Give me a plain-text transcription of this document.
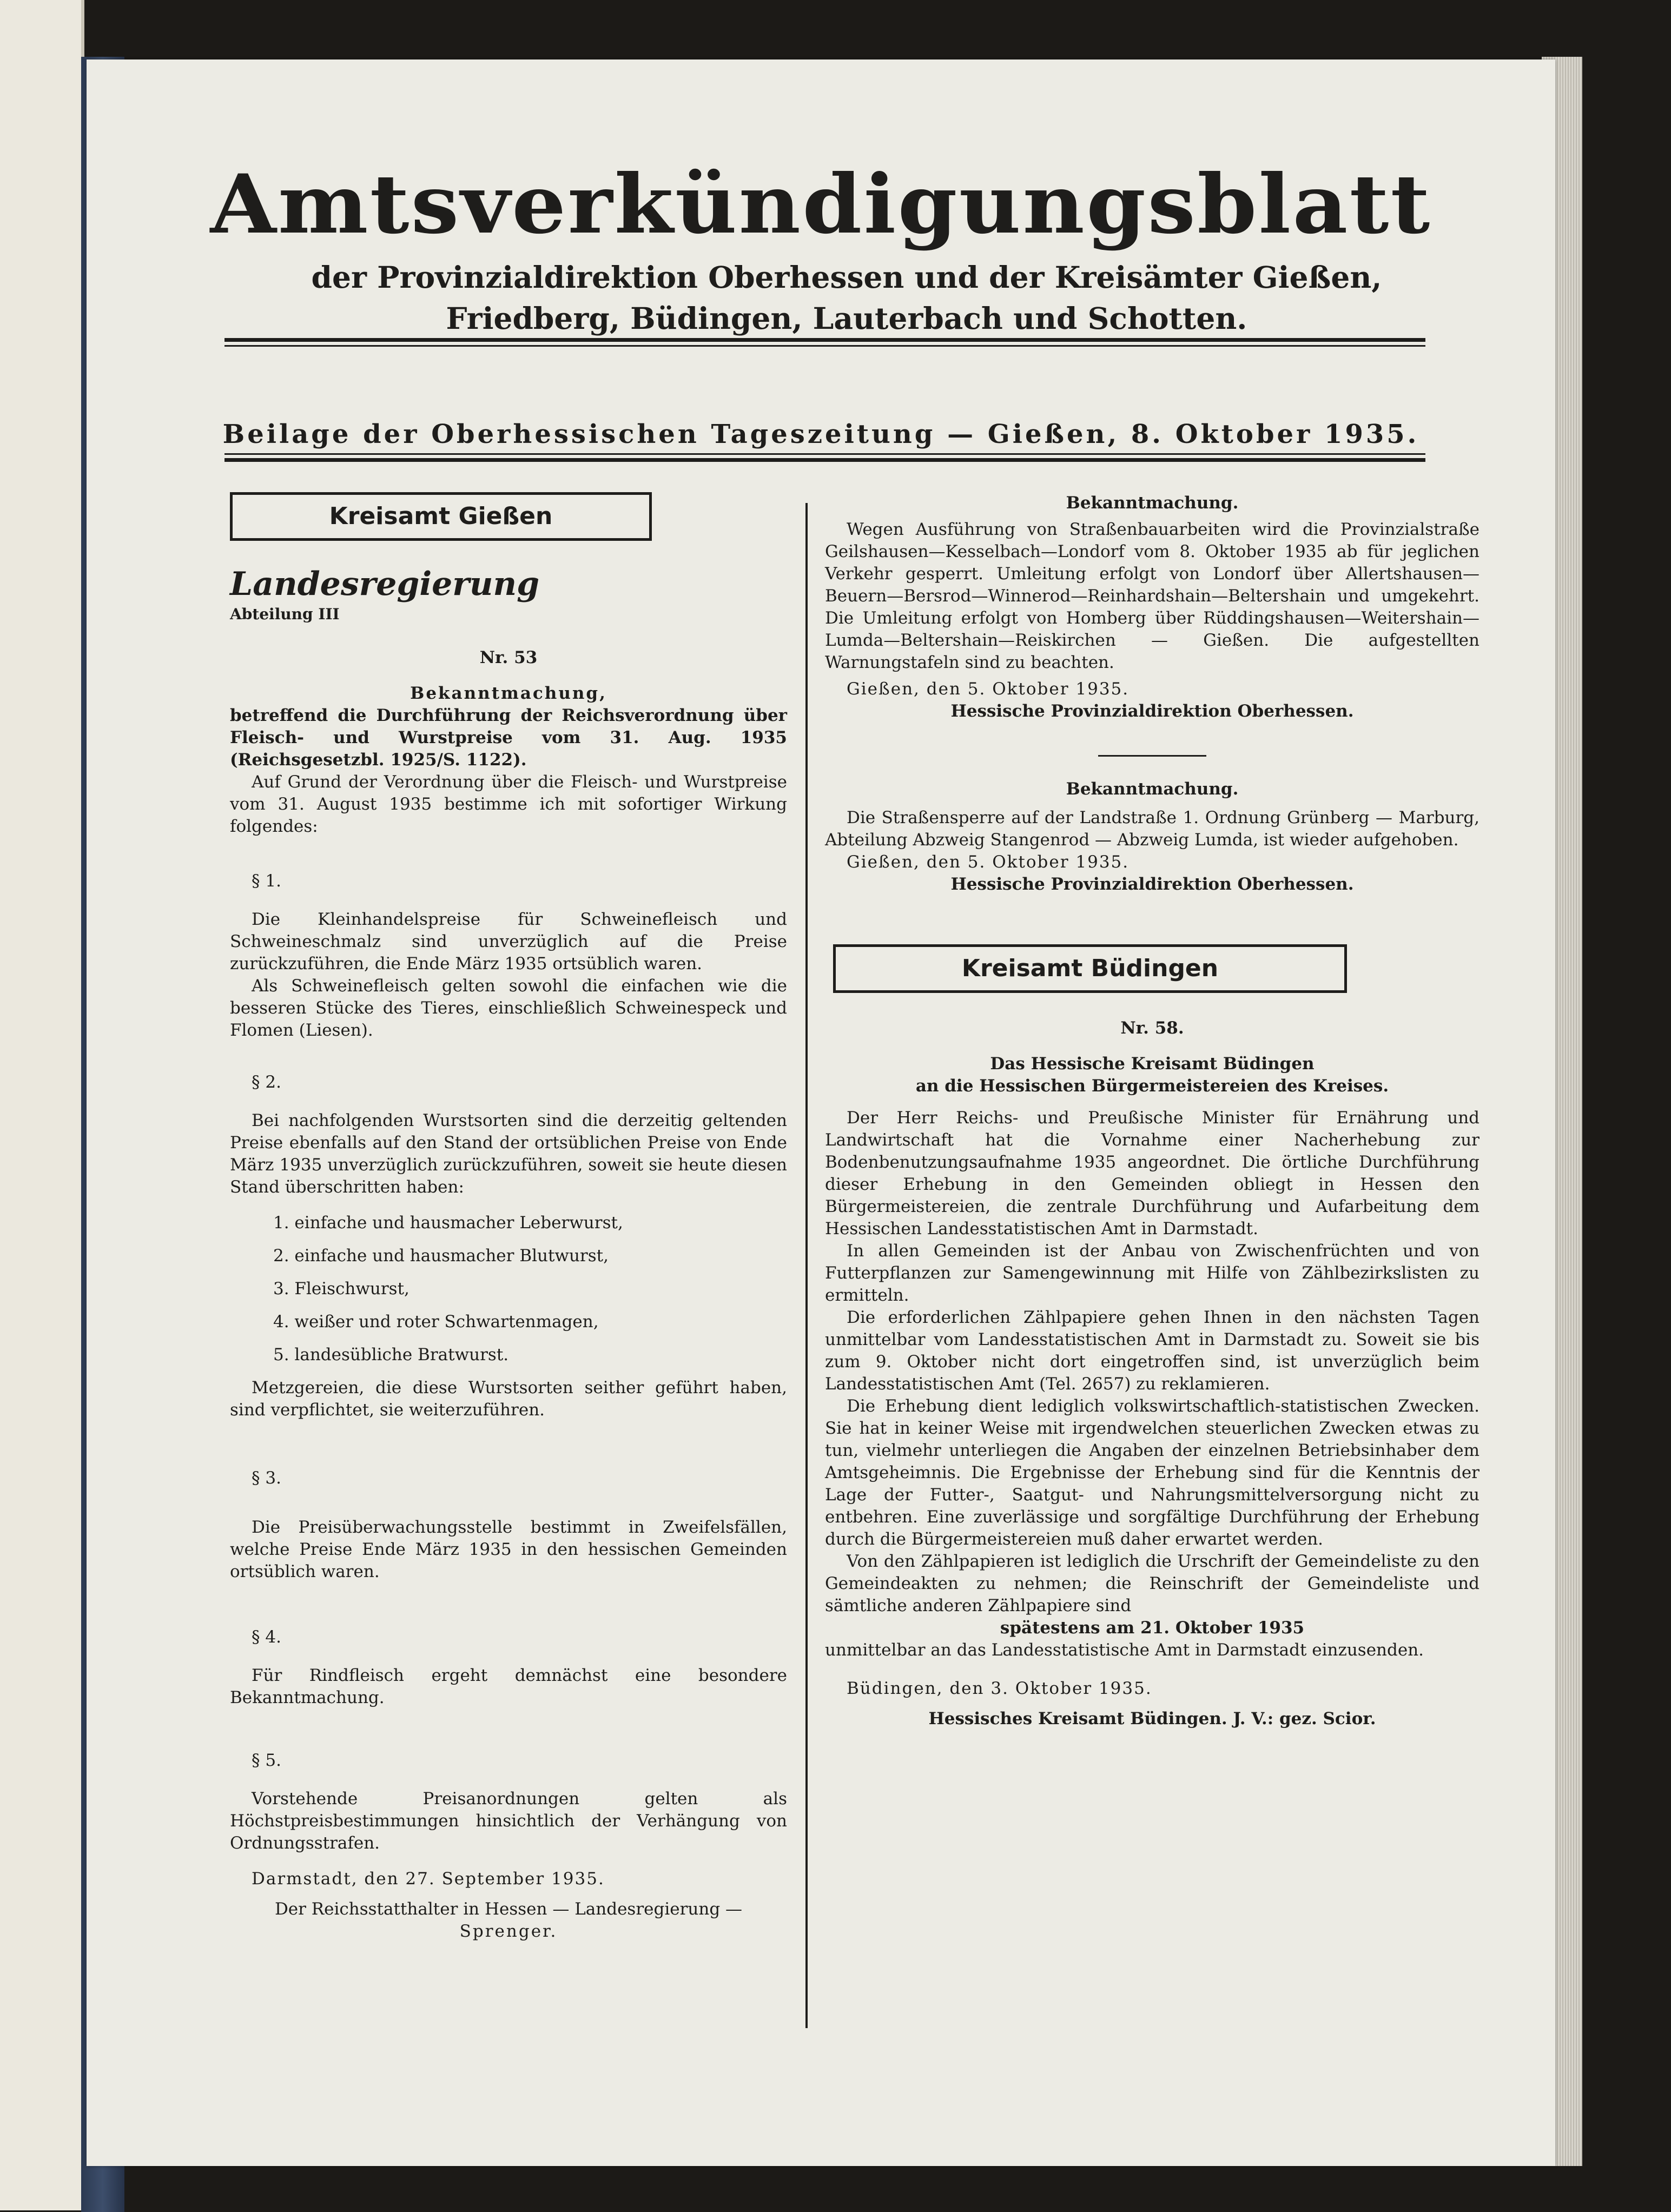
Amtsverkündigungsblatt
der Provinzialdirektion Oberhessen und der Kreisämter Gießen, Friedberg, Büdingen, Lauterbach und Schotten.
Beilage der Oberhessischen Tageszeitung — Gießen, 8. Oktober 1935.
Kreisamt Gießen
Landesregierung
Abteilung III

Nr. 53

Bekanntmachung,

betreffend die Durchführung der Reichsverordnung über Fleisch- und Wurstpreise vom 31. Aug. 1935 (Reichsgesetzbl. 1925/S. 1122).

Auf Grund der Verordnung über die Fleisch- und Wurstpreise vom 31. August 1935 bestimme ich mit sofortiger Wirkung folgendes:

§ 1.

Die Kleinhandelspreise für Schweinefleisch und Schweineschmalz sind unverzüglich auf die Preise zurückzuführen, die Ende März 1935 ortsüblich waren.

Als Schweinefleisch gelten sowohl die einfachen wie die besseren Stücke des Tieres, einschließlich Schweinespeck und Flomen (Liesen).

§ 2.

Bei nachfolgenden Wurstsorten sind die derzeitig geltenden Preise ebenfalls auf den Stand der ortsüblichen Preise von Ende März 1935 unverzüglich zurückzuführen, soweit sie heute diesen Stand überschritten haben:

1. einfache und hausmacher Leberwurst,
2. einfache und hausmacher Blutwurst,
3. Fleischwurst,
4. weißer und roter Schwartenmagen,
5. landesübliche Bratwurst.

Metzgereien, die diese Wurstsorten seither geführt haben, sind verpflichtet, sie weiterzuführen.

§ 3.

Die Preisüberwachungsstelle bestimmt in Zweifelsfällen, welche Preise Ende März 1935 in den hessischen Gemeinden ortsüblich waren.

§ 4.

Für Rindfleisch ergeht demnächst eine besondere Bekanntmachung.

§ 5.

Vorstehende Preisanordnungen gelten als Höchstpreisbestimmungen hinsichtlich der Verhängung von Ordnungsstrafen.

Darmstadt, den 27. September 1935.

Der Reichsstatthalter in Hessen — Landesregierung —

Sprenger.

Bekanntmachung.

Wegen Ausführung von Straßenbauarbeiten wird die Provinzialstraße Geilshausen—Kesselbach—Londorf vom 8. Oktober 1935 ab für jeglichen Verkehr gesperrt. Umleitung erfolgt von Londorf über Allertshausen—Beuern—Bersrod—Winnerod—Reinhardshain—Beltershain und umgekehrt. Die Umleitung erfolgt von Homberg über Rüddingshausen—Weitershain—Lumda—Beltershain—Reiskirchen — Gießen. Die aufgestellten Warnungstafeln sind zu beachten.

Gießen, den 5. Oktober 1935.

Hessische Provinzialdirektion Oberhessen.

Bekanntmachung.

Die Straßensperre auf der Landstraße 1. Ordnung Grünberg — Marburg, Abteilung Abzweig Stangenrod — Abzweig Lumda, ist wieder aufgehoben.

Gießen, den 5. Oktober 1935.

Hessische Provinzialdirektion Oberhessen.

Kreisamt Büdingen

Nr. 58.

Das Hessische Kreisamt Büdingen

an die Hessischen Bürgermeistereien des Kreises.

Der Herr Reichs- und Preußische Minister für Ernährung und Landwirtschaft hat die Vornahme einer Nacherhebung zur Bodenbenutzungsaufnahme 1935 angeordnet. Die örtliche Durchführung dieser Erhebung in den Gemeinden obliegt in Hessen den Bürgermeistereien, die zentrale Durchführung und Aufarbeitung dem Hessischen Landesstatistischen Amt in Darmstadt.

In allen Gemeinden ist der Anbau von Zwischenfrüchten und von Futterpflanzen zur Samengewinnung mit Hilfe von Zählbezirkslisten zu ermitteln.

Die erforderlichen Zählpapiere gehen Ihnen in den nächsten Tagen unmittelbar vom Landesstatistischen Amt in Darmstadt zu. Soweit sie bis zum 9. Oktober nicht dort eingetroffen sind, ist unverzüglich beim Landesstatistischen Amt (Tel. 2657) zu reklamieren.

Die Erhebung dient lediglich volkswirtschaftlich-statistischen Zwecken. Sie hat in keiner Weise mit irgendwelchen steuerlichen Zwecken etwas zu tun, vielmehr unterliegen die Angaben der einzelnen Betriebsinhaber dem Amtsgeheimnis. Die Ergebnisse der Erhebung sind für die Kenntnis der Lage der Futter-, Saatgut- und Nahrungsmittelversorgung nicht zu entbehren. Eine zuverlässige und sorgfältige Durchführung der Erhebung durch die Bürgermeistereien muß daher erwartet werden.

Von den Zählpapieren ist lediglich die Urschrift der Gemeindeliste zu den Gemeindeakten zu nehmen; die Reinschrift der Gemeindeliste und sämtliche anderen Zählpapiere sind

spätestens am 21. Oktober 1935

unmittelbar an das Landesstatistische Amt in Darmstadt einzusenden.

Büdingen, den 3. Oktober 1935.

Hessisches Kreisamt Büdingen. J. V.: gez. Scior.
